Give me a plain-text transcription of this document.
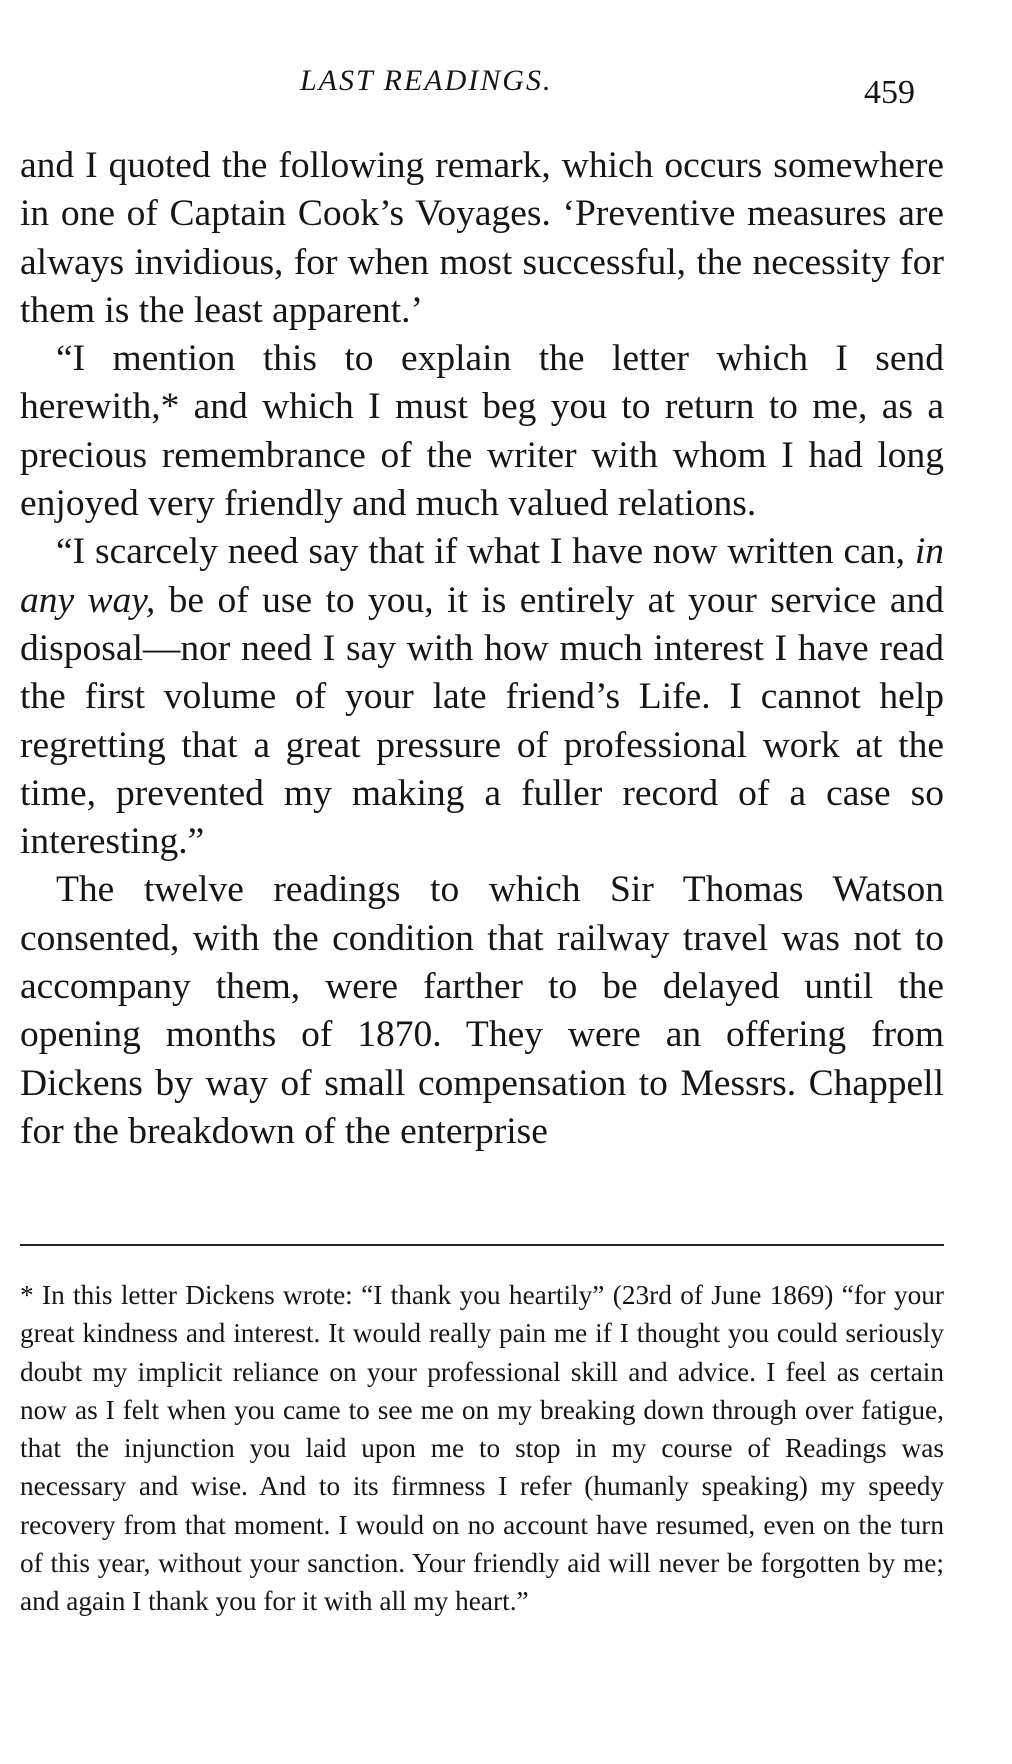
LAST READINGS.	459

and I quoted the following remark, which occurs somewhere in one of Captain Cook’s Voyages. ‘Preventive measures are always invidious, for when most successful, the necessity for them is the least apparent.’

“I mention this to explain the letter which I send herewith,* and which I must beg you to return to me, as a precious remembrance of the writer with whom I had long enjoyed very friendly and much valued relations.

“I scarcely need say that if what I have now written can, in any way, be of use to you, it is entirely at your service and disposal—nor need I say with how much interest I have read the first volume of your late friend’s Life. I cannot help regretting that a great pressure of professional work at the time, prevented my making a fuller record of a case so interesting.”

The twelve readings to which Sir Thomas Watson consented, with the condition that railway travel was not to accompany them, were farther to be delayed until the opening months of 1870. They were an offering from Dickens by way of small compensation to Messrs. Chappell for the breakdown of the enterprise

* In this letter Dickens wrote: “I thank you heartily” (23rd of June 1869) “for your great kindness and interest. It would really pain me if I thought you could seriously doubt my implicit reliance on your professional skill and advice. I feel as certain now as I felt when you came to see me on my breaking down through over fatigue, that the injunction you laid upon me to stop in my course of Readings was necessary and wise. And to its firmness I refer (humanly speaking) my speedy recovery from that moment. I would on no account have resumed, even on the turn of this year, without your sanction. Your friendly aid will never be forgotten by me; and again I thank you for it with all my heart.”
